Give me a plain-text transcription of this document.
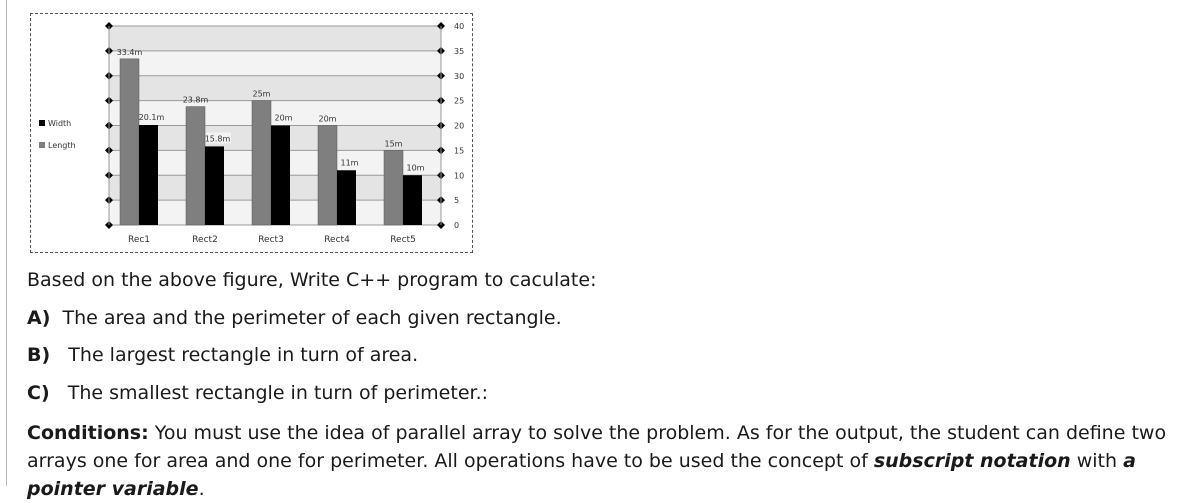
0
5
10
15
20
25
30
35
40
33.4m
20.1m
Rec1
23.8m
15.8m
Rect2
25m
20m
Rect3
20m
11m
Rect4
15m
10m
Rect5
Width
Length
Based on the above figure, Write C++ program to caculate:
A) The area and the perimeter of each given rectangle.
B) The largest rectangle in turn of area.
C) The smallest rectangle in turn of perimeter.:
Conditions: You must use the idea of parallel array to solve the problem. As for the output, the student can define two arrays one for area and one for perimeter. All operations have to be used the concept of subscript notation with a pointer variable.
